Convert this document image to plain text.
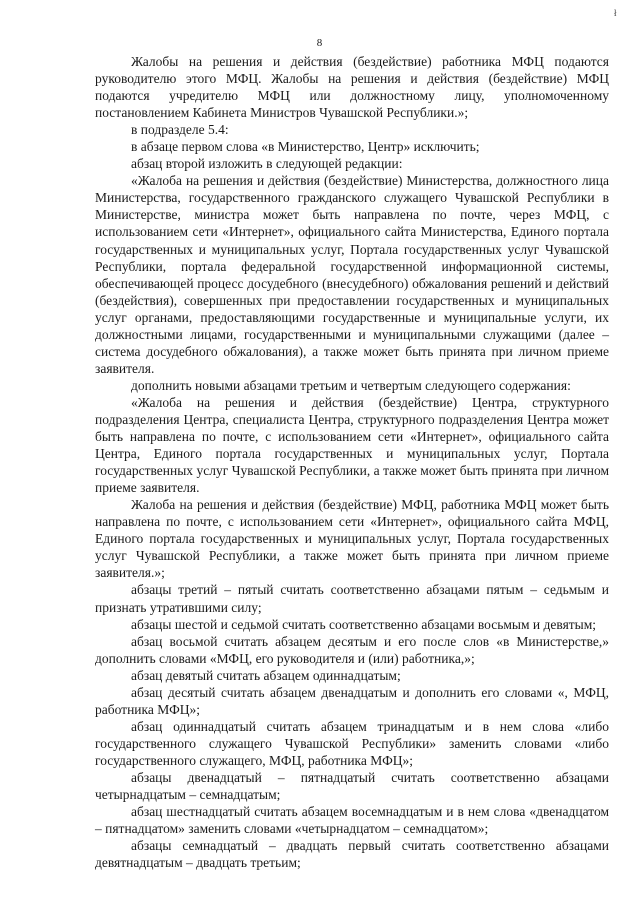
ł
8

Жалобы на решения и действия (бездействие) работника МФЦ подаются руководителю этого МФЦ. Жалобы на решения и действия (бездействие) МФЦ подаются учредителю МФЦ или должностному лицу, уполномоченному постановлением Кабинета Министров Чувашской Республики.»;

в подразделе 5.4:

в абзаце первом слова «в Министерство, Центр» исключить;

абзац второй изложить в следующей редакции:

«Жалоба на решения и действия (бездействие) Министерства, должностного лица Министерства, государственного гражданского служащего Чувашской Республики в Министерстве, министра может быть направлена по почте, через МФЦ, с использованием сети «Интернет», официального сайта Министерства, Единого портала государственных и муниципальных услуг, Портала государственных услуг Чувашской Республики, портала федеральной государственной информационной системы, обеспечивающей процесс досудебного (внесудебного) обжалования решений и действий (бездействия), совершенных при предоставлении государственных и муниципальных услуг органами, предоставляющими государственные и муниципальные услуги, их должностными лицами, государственными и муниципальными служащими (далее – система досудебного обжалования), а также может быть принята при личном приеме заявителя.

дополнить новыми абзацами третьим и четвертым следующего содержания:

«Жалоба на решения и действия (бездействие) Центра, структурного подразделения Центра, специалиста Центра, структурного подразделения Центра может быть направлена по почте, с использованием сети «Интернет», официального сайта Центра, Единого портала государственных и муниципальных услуг, Портала государственных услуг Чувашской Республики, а также может быть принята при личном приеме заявителя.

Жалоба на решения и действия (бездействие) МФЦ, работника МФЦ может быть направлена по почте, с использованием сети «Интернет», официального сайта МФЦ, Единого портала государственных и муниципальных услуг, Портала государственных услуг Чувашской Республики, а также может быть принята при личном приеме заявителя.»;

абзацы третий – пятый считать соответственно абзацами пятым – седьмым и признать утратившими силу;

абзацы шестой и седьмой считать соответственно абзацами восьмым и девятым;

абзац восьмой считать абзацем десятым и его после слов «в Министерстве,» дополнить словами «МФЦ, его руководителя и (или) работника,»;

абзац девятый считать абзацем одиннадцатым;

абзац десятый считать абзацем двенадцатым и дополнить его словами «, МФЦ, работника МФЦ»;

абзац одиннадцатый считать абзацем тринадцатым и в нем слова «либо государственного служащего Чувашской Республики» заменить словами «либо государственного служащего, МФЦ, работника МФЦ»;

абзацы двенадцатый – пятнадцатый считать соответственно абзацами четырнадцатым – семнадцатым;

абзац шестнадцатый считать абзацем восемнадцатым и в нем слова «двенадцатом – пятнадцатом» заменить словами «четырнадцатом – семнадцатом»;

абзацы семнадцатый – двадцать первый считать соответственно абзацами девятнадцатым – двадцать третьим;
